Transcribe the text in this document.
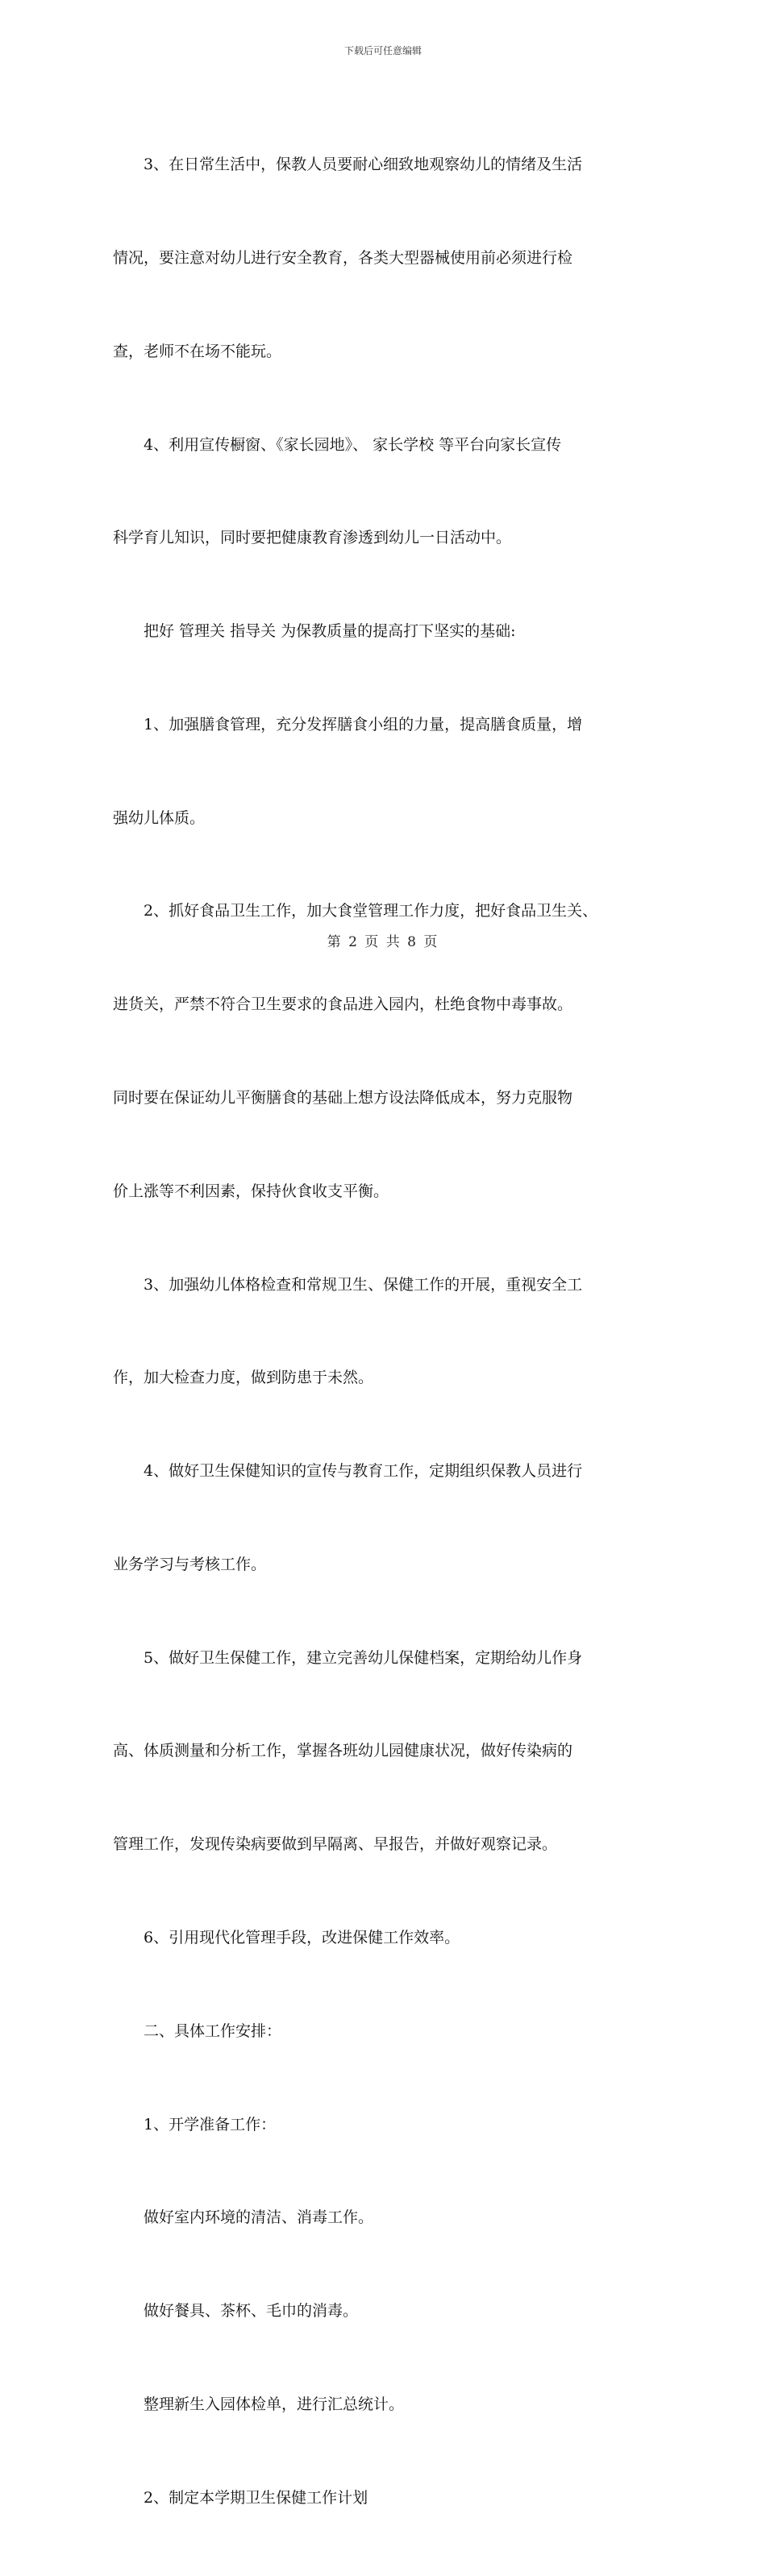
下载后可任意编辑

　　3、在日常生活中，保教人员要耐心细致地观察幼儿的情绪及生活

情况，要注意对幼儿进行安全教育，各类大型器械使用前必须进行检

查，老师不在场不能玩。

　　4、利用宣传橱窗、《家长园地》、 家长学校 等平台向家长宣传

科学育儿知识，同时要把健康教育渗透到幼儿一日活动中。

　　把好 管理关 指导关 为保教质量的提高打下坚实的基础:

　　1、加强膳食管理，充分发挥膳食小组的力量，提高膳食质量，增

强幼儿体质。

　　2、抓好食品卫生工作，加大食堂管理工作力度，把好食品卫生关、

进货关，严禁不符合卫生要求的食品进入园内，杜绝食物中毒事故。

同时要在保证幼儿平衡膳食的基础上想方设法降低成本，努力克服物

价上涨等不利因素，保持伙食收支平衡。

　　3、加强幼儿体格检查和常规卫生、保健工作的开展，重视安全工

作，加大检查力度，做到防患于未然。

　　4、做好卫生保健知识的宣传与教育工作，定期组织保教人员进行

业务学习与考核工作。

　　5、做好卫生保健工作，建立完善幼儿保健档案，定期给幼儿作身

高、体质测量和分析工作，掌握各班幼儿园健康状况，做好传染病的

管理工作，发现传染病要做到早隔离、早报告，并做好观察记录。

　　6、引用现代化管理手段，改进保健工作效率。

　　二、具体工作安排：

　　1、开学准备工作：

　　做好室内环境的清洁、消毒工作。

　　做好餐具、茶杯、毛巾的消毒。

　　整理新生入园体检单，进行汇总统计。

　　2、制定本学期卫生保健工作计划

第 2 页 共 8 页
